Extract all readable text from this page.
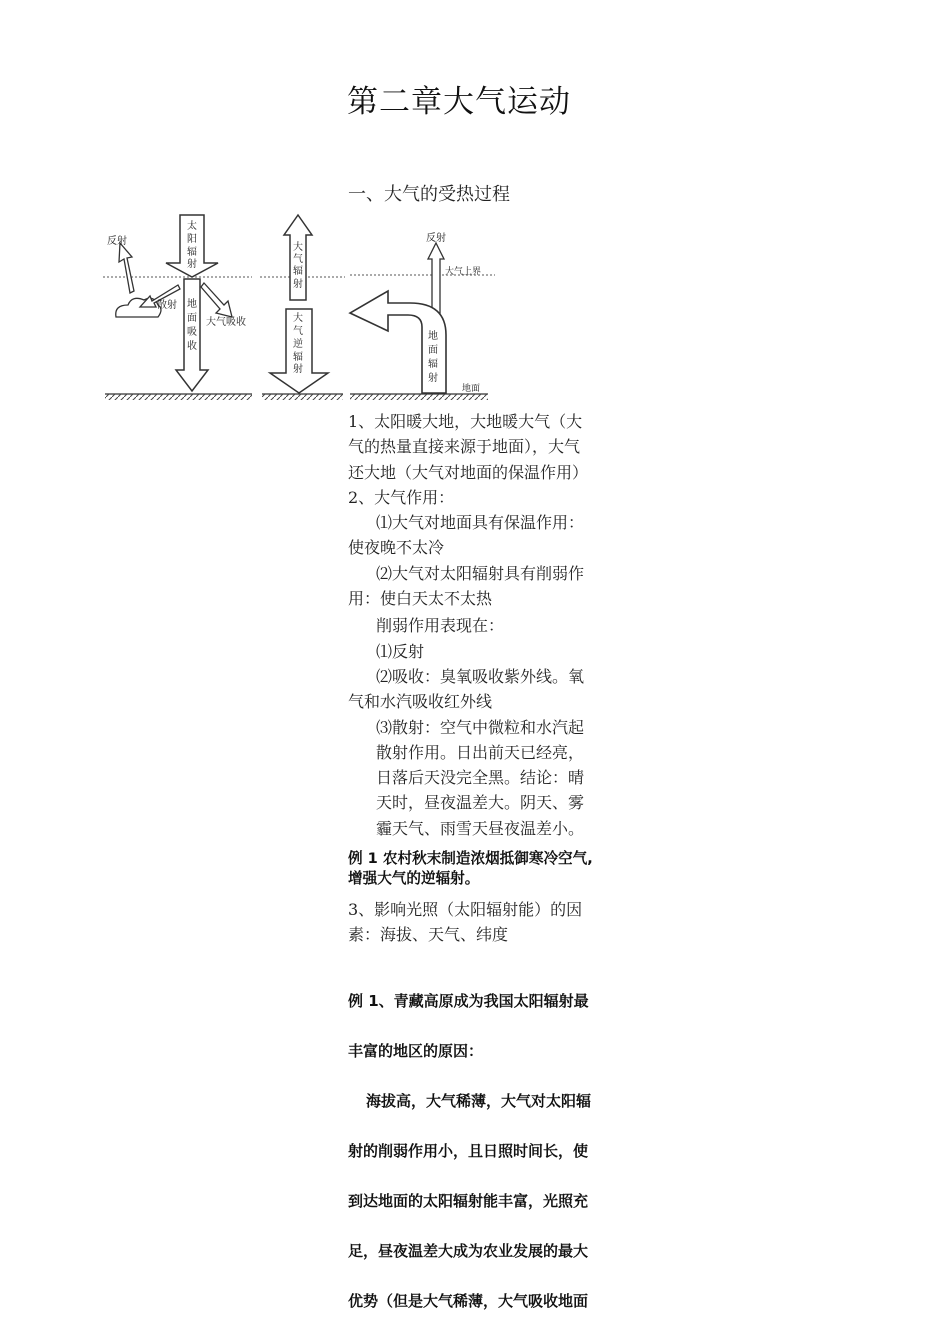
第二章大气运动
一、大气的受热过程
反射
散射
大气吸收
太
阳
辐
射
地
面
吸
收
大
气
辐
射
大
气
逆
辐
射
反射
大气上界
地
面
辐
射
地面

1、太阳暖大地，大地暖大气（大

气的热量直接来源于地面），大气

还大地（大气对地面的保温作用）

2、大气作用：

⑴大气对地面具有保温作用：

使夜晚不太冷

⑵大气对太阳辐射具有削弱作

用：使白天太不太热

削弱作用表现在：

⑴反射

⑵吸收：臭氧吸收紫外线。氧

气和水汽吸收红外线

⑶散射：空气中微粒和水汽起

散射作用。日出前天已经亮，

日落后天没完全黑。结论：晴

天时，昼夜温差大。阴天、雾

霾天气、雨雪天昼夜温差小。

例 1 农村秋末制造浓烟抵御寒冷空气,

增强大气的逆辐射。

3、影响光照（太阳辐射能）的因

素：海拔、天气、纬度

例 1、青藏高原成为我国太阳辐射最

丰富的地区的原因：

海拔高，大气稀薄，大气对太阳辐

射的削弱作用小，且日照时间长，使

到达地面的太阳辐射能丰富，光照充

足，昼夜温差大成为农业发展的最大

优势（但是大气稀薄，大气吸收地面
